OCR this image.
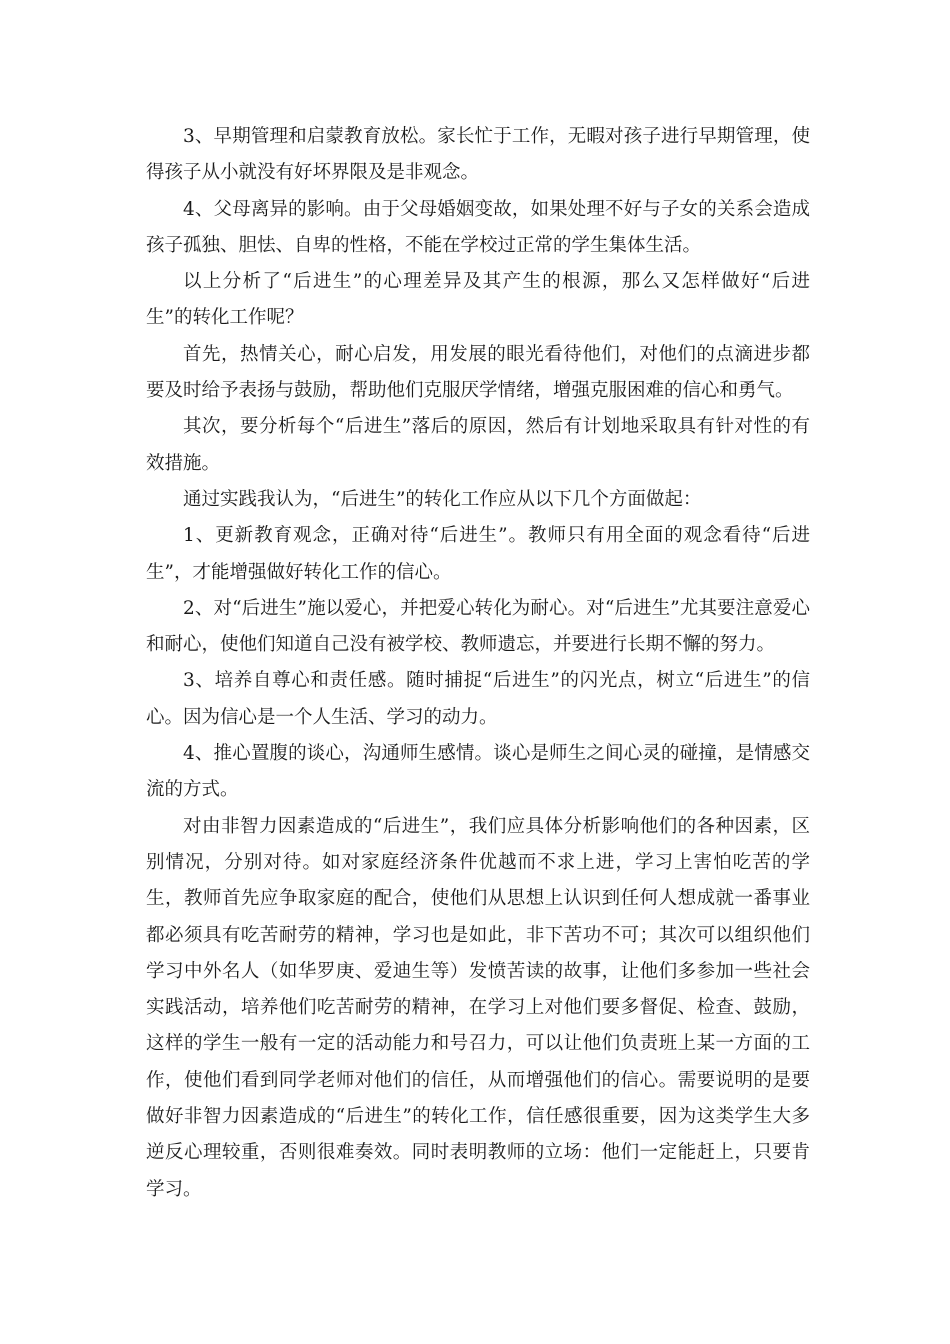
3、早期管理和启蒙教育放松。家长忙于工作，无暇对孩子进行早期管理，使得孩子从小就没有好坏界限及是非观念。

4、父母离异的影响。由于父母婚姻变故，如果处理不好与子女的关系会造成孩子孤独、胆怯、自卑的性格，不能在学校过正常的学生集体生活。

以上分析了“后进生”的心理差异及其产生的根源，那么又怎样做好“后进生”的转化工作呢？

首先，热情关心，耐心启发，用发展的眼光看待他们，对他们的点滴进步都要及时给予表扬与鼓励，帮助他们克服厌学情绪，增强克服困难的信心和勇气。

其次，要分析每个“后进生”落后的原因，然后有计划地采取具有针对性的有效措施。

通过实践我认为，“后进生”的转化工作应从以下几个方面做起：

1、更新教育观念，正确对待“后进生”。教师只有用全面的观念看待“后进生”，才能增强做好转化工作的信心。

2、对“后进生”施以爱心，并把爱心转化为耐心。对“后进生”尤其要注意爱心和耐心，使他们知道自己没有被学校、教师遗忘，并要进行长期不懈的努力。

3、培养自尊心和责任感。随时捕捉“后进生”的闪光点，树立“后进生”的信心。因为信心是一个人生活、学习的动力。

4、推心置腹的谈心，沟通师生感情。谈心是师生之间心灵的碰撞，是情感交流的方式。

对由非智力因素造成的“后进生”，我们应具体分析影响他们的各种因素，区别情况，分别对待。如对家庭经济条件优越而不求上进，学习上害怕吃苦的学生，教师首先应争取家庭的配合，使他们从思想上认识到任何人想成就一番事业都必须具有吃苦耐劳的精神，学习也是如此，非下苦功不可；其次可以组织他们学习中外名人（如华罗庚、爱迪生等）发愤苦读的故事，让他们多参加一些社会实践活动，培养他们吃苦耐劳的精神，在学习上对他们要多督促、检查、鼓励，这样的学生一般有一定的活动能力和号召力，可以让他们负责班上某一方面的工作，使他们看到同学老师对他们的信任，从而增强他们的信心。需要说明的是要做好非智力因素造成的“后进生”的转化工作，信任感很重要，因为这类学生大多逆反心理较重，否则很难奏效。同时表明教师的立场：他们一定能赶上，只要肯学习。
